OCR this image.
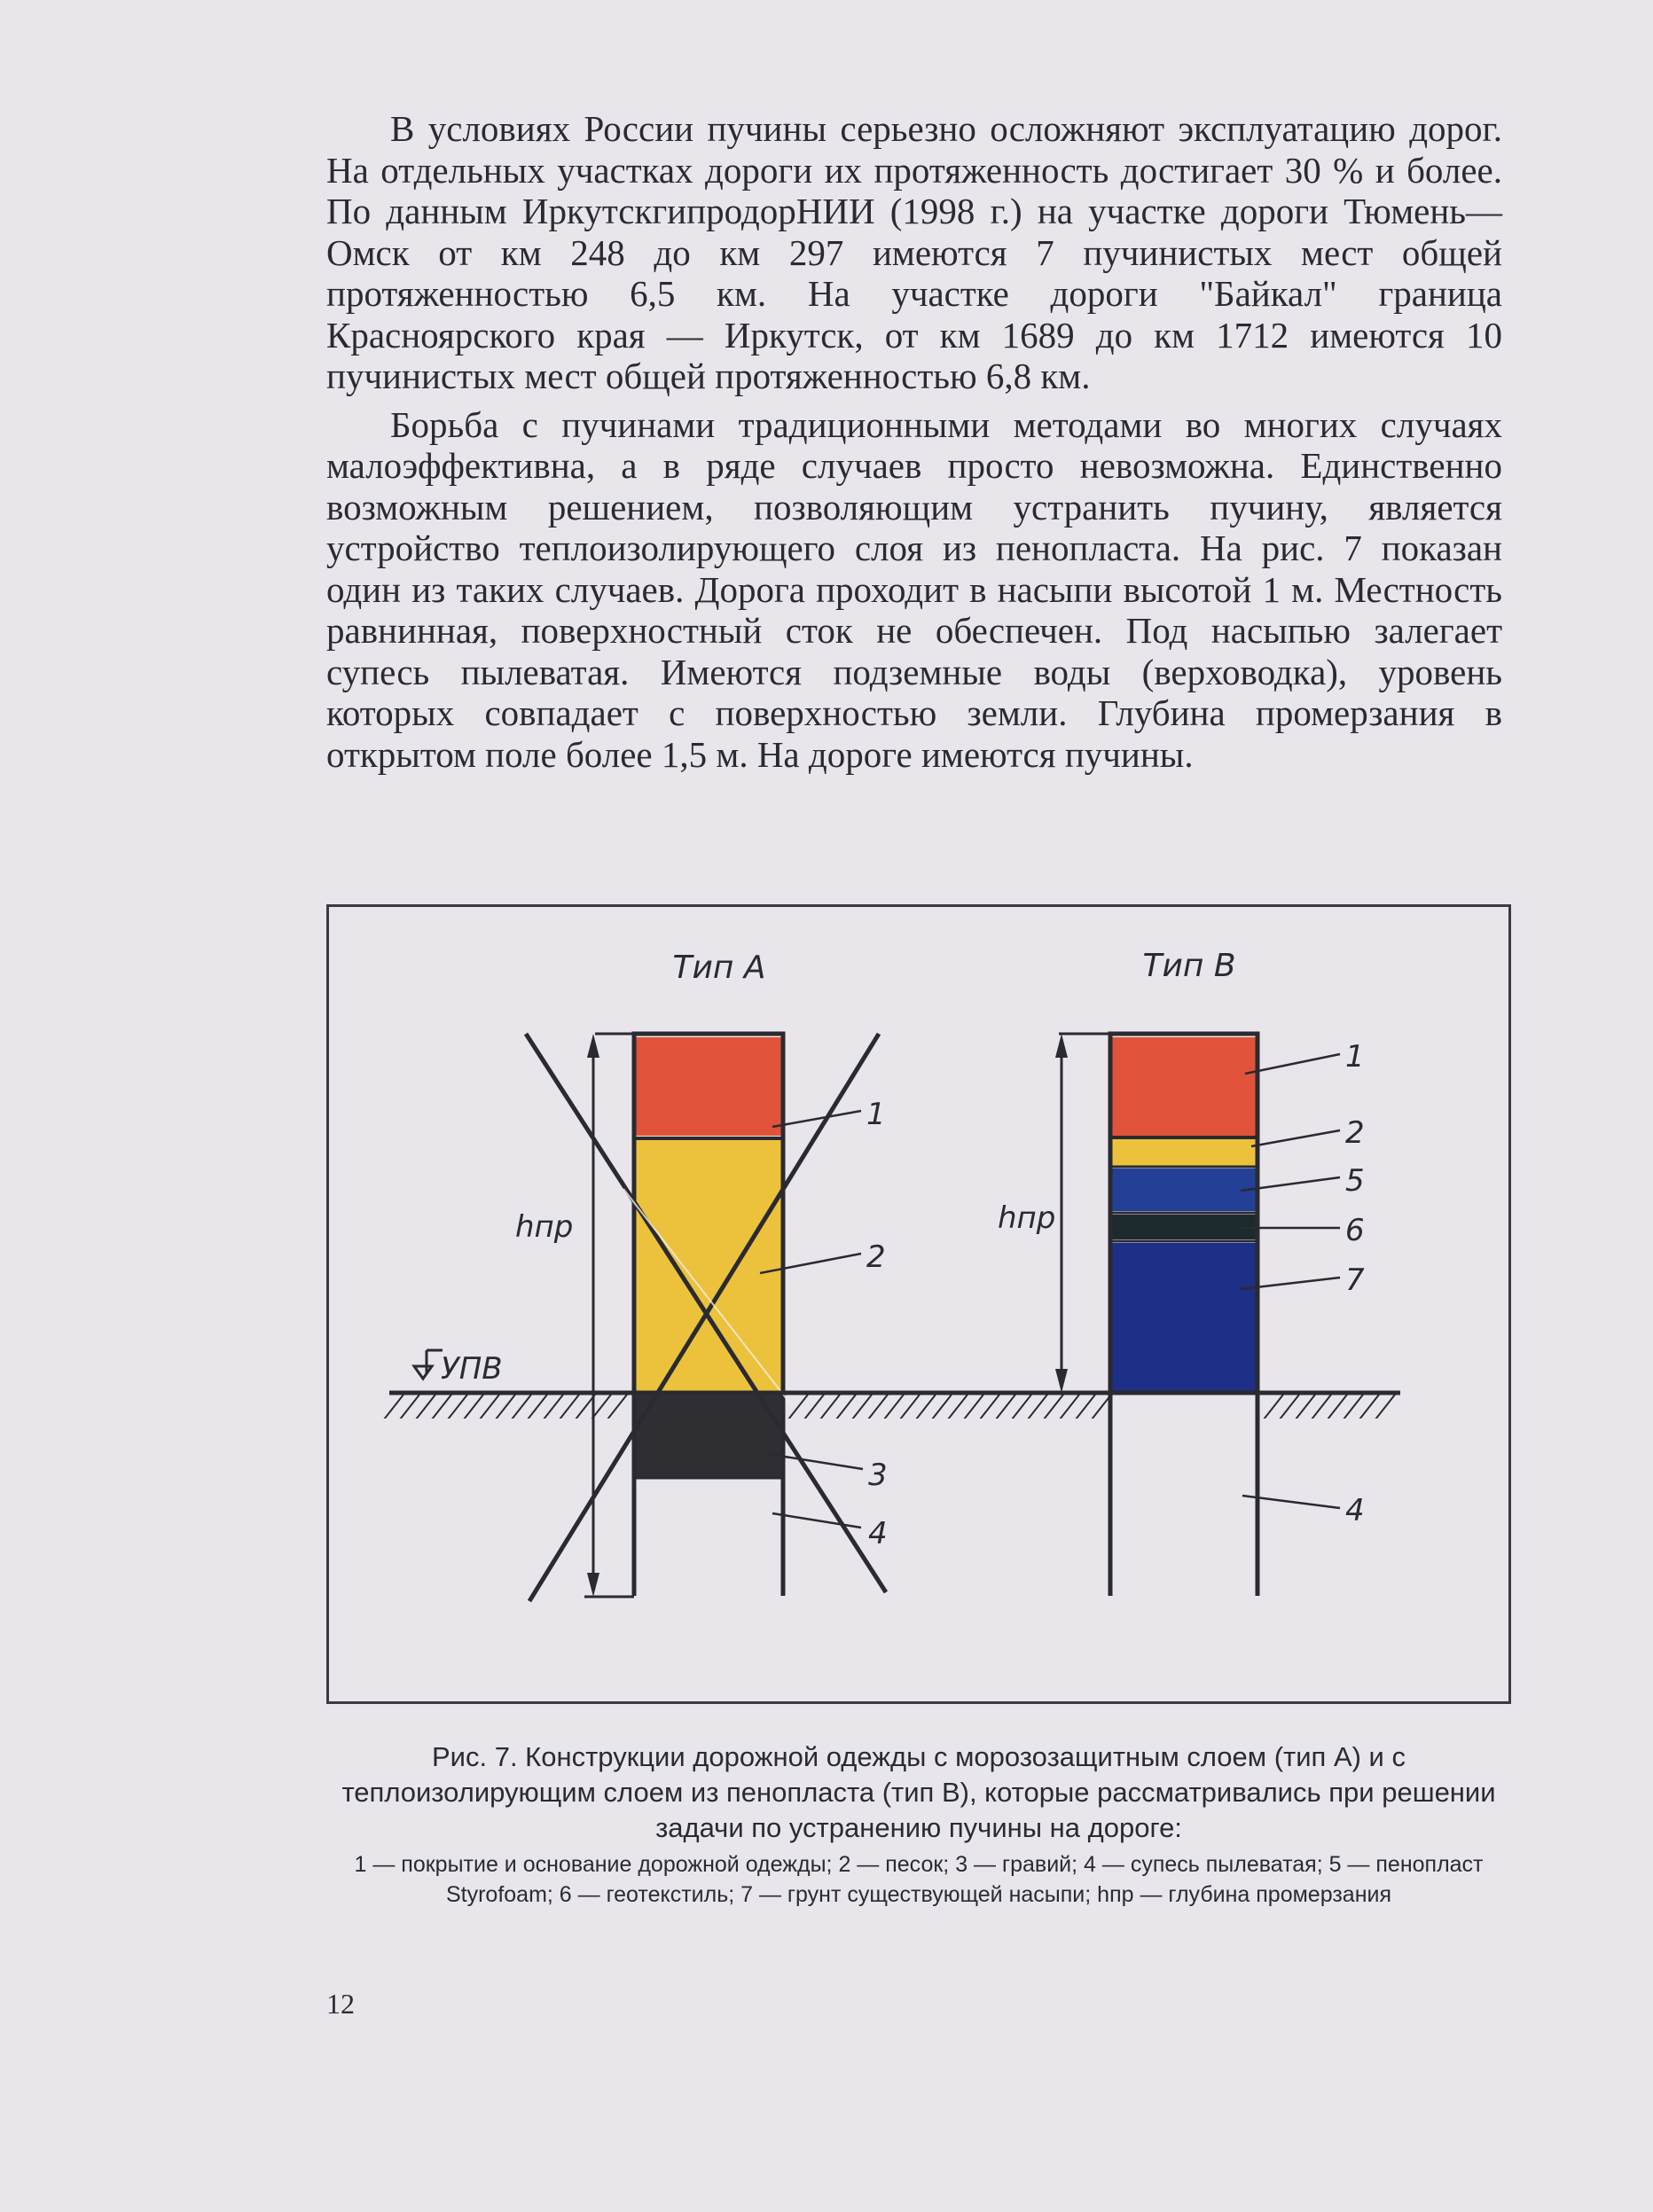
В условиях России пучины серьезно осложняют эксплуатацию дорог. На отдельных участках дороги их протяженность достигает 30 % и более. По данным ИркутскгипродорНИИ (1998 г.) на участке дороги Тюмень—Омск от км 248 до км 297 имеются 7 пучинистых мест общей протяженностью 6,5 км. На участке дороги "Байкал" граница Красноярского края — Иркутск, от км 1689 до км 1712 имеются 10 пучинистых мест общей протяженностью 6,8 км.

Борьба с пучинами традиционными методами во многих случаях малоэффективна, а в ряде случаев просто невозможна. Единственно возможным решением, позволяющим устранить пучину, является устройство теплоизолирующего слоя из пенопласта. На рис. 7 показан один из таких случаев. Дорога проходит в насыпи высотой 1 м. Местность равнинная, поверхностный сток не обеспечен. Под насыпью залегает супесь пылеватая. Имеются подземные воды (верховодка), уровень которых совпадает с поверхностью земли. Глубина промерзания в открытом поле более 1,5 м. На дороге имеются пучины.

Тип А	Тип В
hпр	hпр
УПВ
1
2
3
4
1
2
5
6
7
4
Рис. 7. Конструкции дорожной одежды с морозозащитным слоем (тип А) и с теплоизолирующим слоем из пенопласта (тип В), которые рассматривались при решении задачи по устранению пучины на дороге:
1 — покрытие и основание дорожной одежды; 2 — песок; 3 — гравий; 4 — супесь пылеватая; 5 — пенопласт Styrofoam; 6 — геотекстиль; 7 — грунт существующей насыпи; hпр — глубина промерзания
12
